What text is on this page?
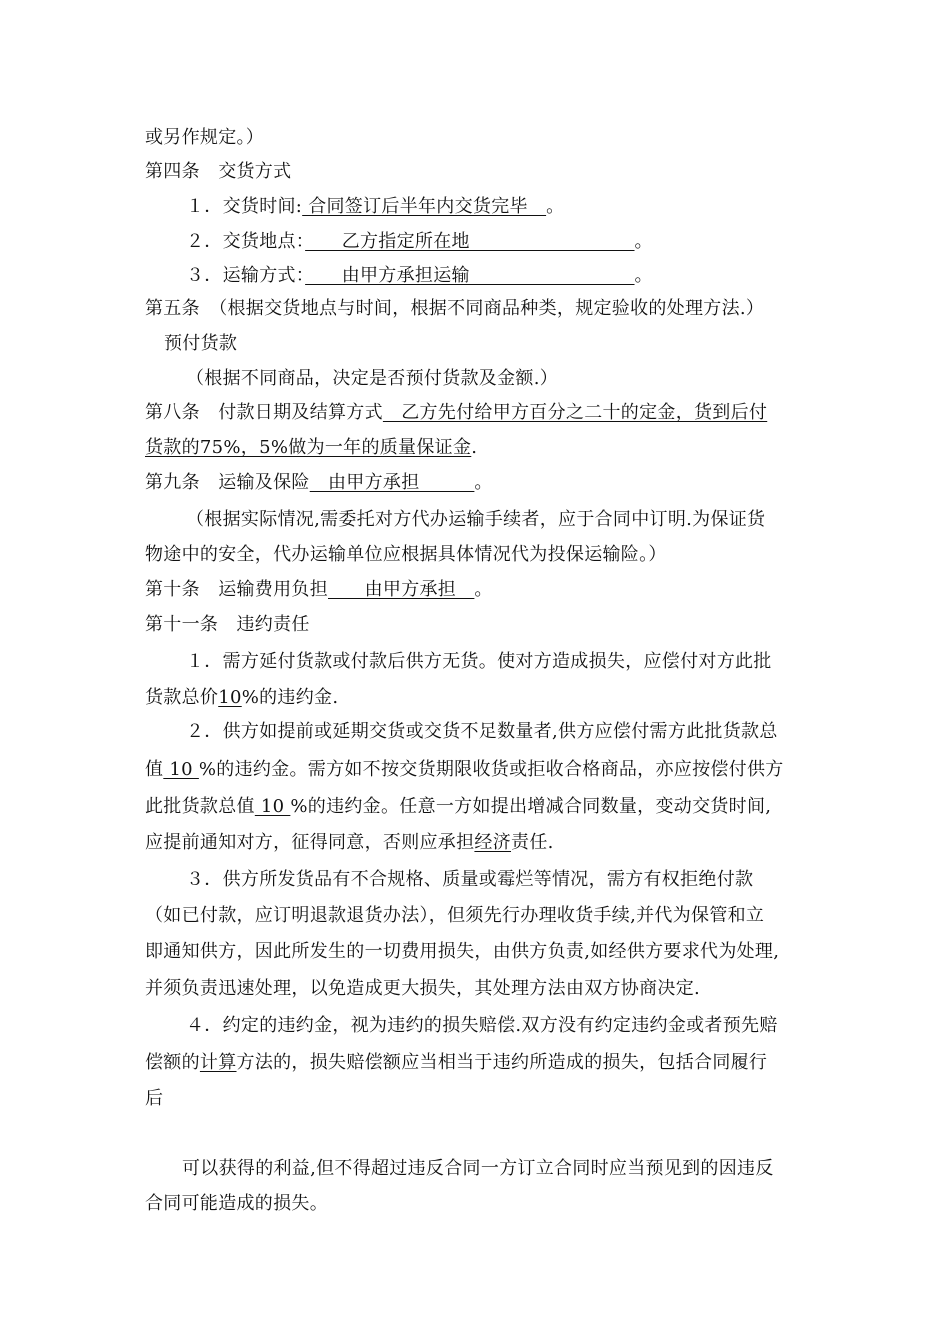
或另作规定。）
第四条　交货方式
１．交货时间: 合同签订后半年内交货完毕　。
２．交货地点：　　乙方指定所在地　　　　　　　　　。
３．运输方式：　　由甲方承担运输　　　　　　　　　。
第五条　（根据交货地点与时间，根据不同商品种类，规定验收的处理方法.）
预付货款
（根据不同商品，决定是否预付货款及金额.）
第八条　付款日期及结算方式　乙方先付给甲方百分之二十的定金，货到后付
货款的75%，5%做为一年的质量保证金.
第九条　运输及保险　由甲方承担　　　。
（根据实际情况,需委托对方代办运输手续者，应于合同中订明.为保证货
物途中的安全，代办运输单位应根据具体情况代为投保运输险。）
第十条　运输费用负担　　由甲方承担　。
第十一条　违约责任
１．需方延付货款或付款后供方无货。使对方造成损失，应偿付对方此批
货款总价10%的违约金.
２．供方如提前或延期交货或交货不足数量者,供方应偿付需方此批货款总
值 10 %的违约金。需方如不按交货期限收货或拒收合格商品，亦应按偿付供方
此批货款总值 10 %的违约金。任意一方如提出增减合同数量，变动交货时间,
应提前通知对方，征得同意，否则应承担经济责任.
３．供方所发货品有不合规格、质量或霉烂等情况，需方有权拒绝付款
（如已付款，应订明退款退货办法），但须先行办理收货手续,并代为保管和立
即通知供方，因此所发生的一切费用损失，由供方负责,如经供方要求代为处理,
并须负责迅速处理，以免造成更大损失，其处理方法由双方协商决定.
４．约定的违约金，视为违约的损失赔偿.双方没有约定违约金或者预先赔
偿额的计算方法的，损失赔偿额应当相当于违约所造成的损失，包括合同履行
后
可以获得的利益,但不得超过违反合同一方订立合同时应当预见到的因违反
合同可能造成的损失。
